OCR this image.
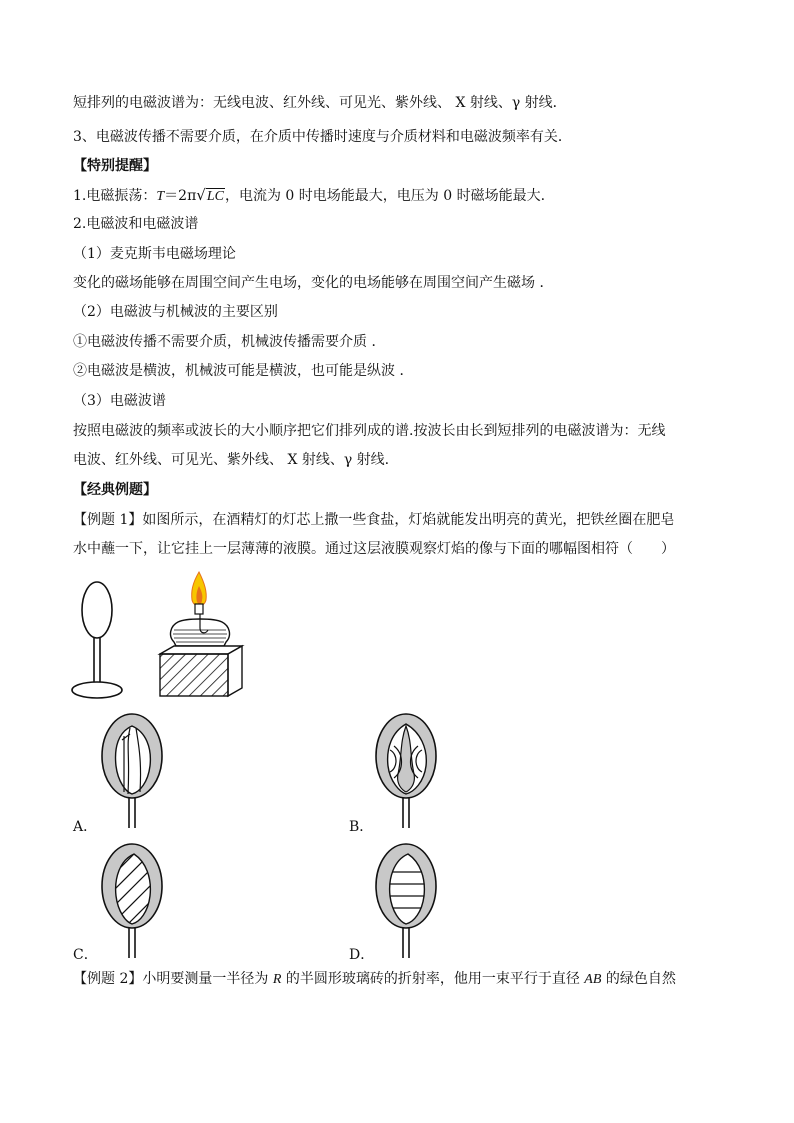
短排列的电磁波谱为：无线电波、红外线、可见光、紫外线、 X 射线、γ 射线．
3、电磁波传播不需要介质，在介质中传播时速度与介质材料和电磁波频率有关．
【特别提醒】
1.电磁振荡：T＝2π√LC，电流为 0 时电场能最大，电压为 0 时磁场能最大.
2.电磁波和电磁波谱
（1）麦克斯韦电磁场理论
变化的磁场能够在周围空间产生电场，变化的电场能够在周围空间产生磁场 ．
（2）电磁波与机械波的主要区别
①电磁波传播不需要介质，机械波传播需要介质 ．
②电磁波是横波，机械波可能是横波，也可能是纵波 ．
（3）电磁波谱
按照电磁波的频率或波长的大小顺序把它们排列成的谱.按波长由长到短排列的电磁波谱为：无线
电波、红外线、可见光、紫外线、 X 射线、γ 射线.
【经典例题】
【例题 1】如图所示，在酒精灯的灯芯上撒一些食盐，灯焰就能发出明亮的黄光，把铁丝圈在肥皂
水中蘸一下，让它挂上一层薄薄的液膜。通过这层液膜观察灯焰的像与下面的哪幅图相符（　　）
【例题 2】小明要测量一半径为 R 的半圆形玻璃砖的折射率，他用一束平行于直径 AB 的绿色自然
A．	B．
C．	D．
